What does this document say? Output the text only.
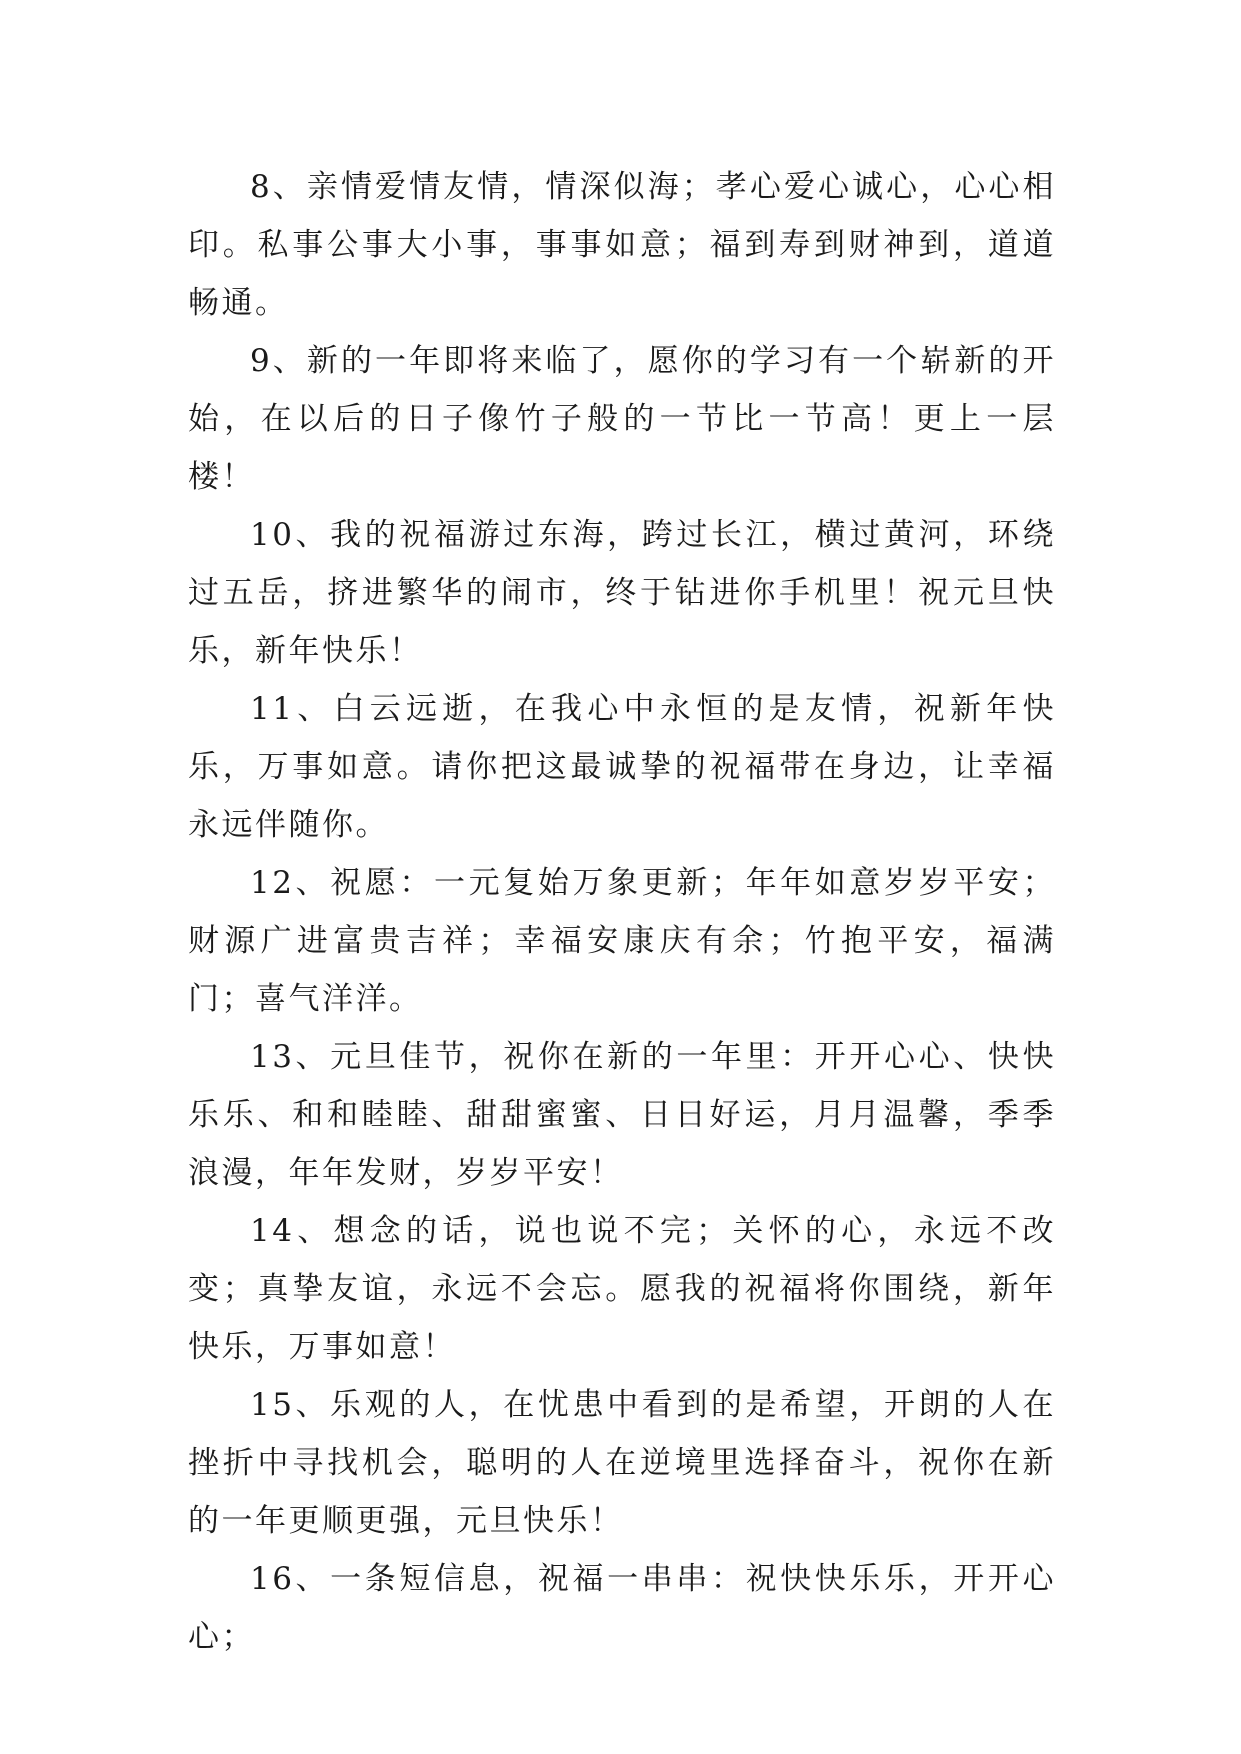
8、亲情爱情友情，情深似海；孝心爱心诚心，心心相印。私事公事大小事，事事如意；福到寿到财神到，道道畅通。

9、新的一年即将来临了，愿你的学习有一个崭新的开始，在以后的日子像竹子般的一节比一节高！更上一层楼！

10、我的祝福游过东海，跨过长江，横过黄河，环绕过五岳，挤进繁华的闹市，终于钻进你手机里！祝元旦快乐，新年快乐！

11、白云远逝，在我心中永恒的是友情，祝新年快乐，万事如意。请你把这最诚挚的祝福带在身边，让幸福永远伴随你。

12、祝愿：一元复始万象更新；年年如意岁岁平安；财源广进富贵吉祥；幸福安康庆有余；竹抱平安，福满门；喜气洋洋。

13、元旦佳节，祝你在新的一年里：开开心心、快快乐乐、和和睦睦、甜甜蜜蜜、日日好运，月月温馨，季季浪漫，年年发财，岁岁平安！

14、想念的话，说也说不完；关怀的心，永远不改变；真挚友谊，永远不会忘。愿我的祝福将你围绕，新年快乐，万事如意！

15、乐观的人，在忧患中看到的是希望，开朗的人在挫折中寻找机会，聪明的人在逆境里选择奋斗，祝你在新的一年更顺更强，元旦快乐！

16、一条短信息，祝福一串串：祝快快乐乐，开开心心；
